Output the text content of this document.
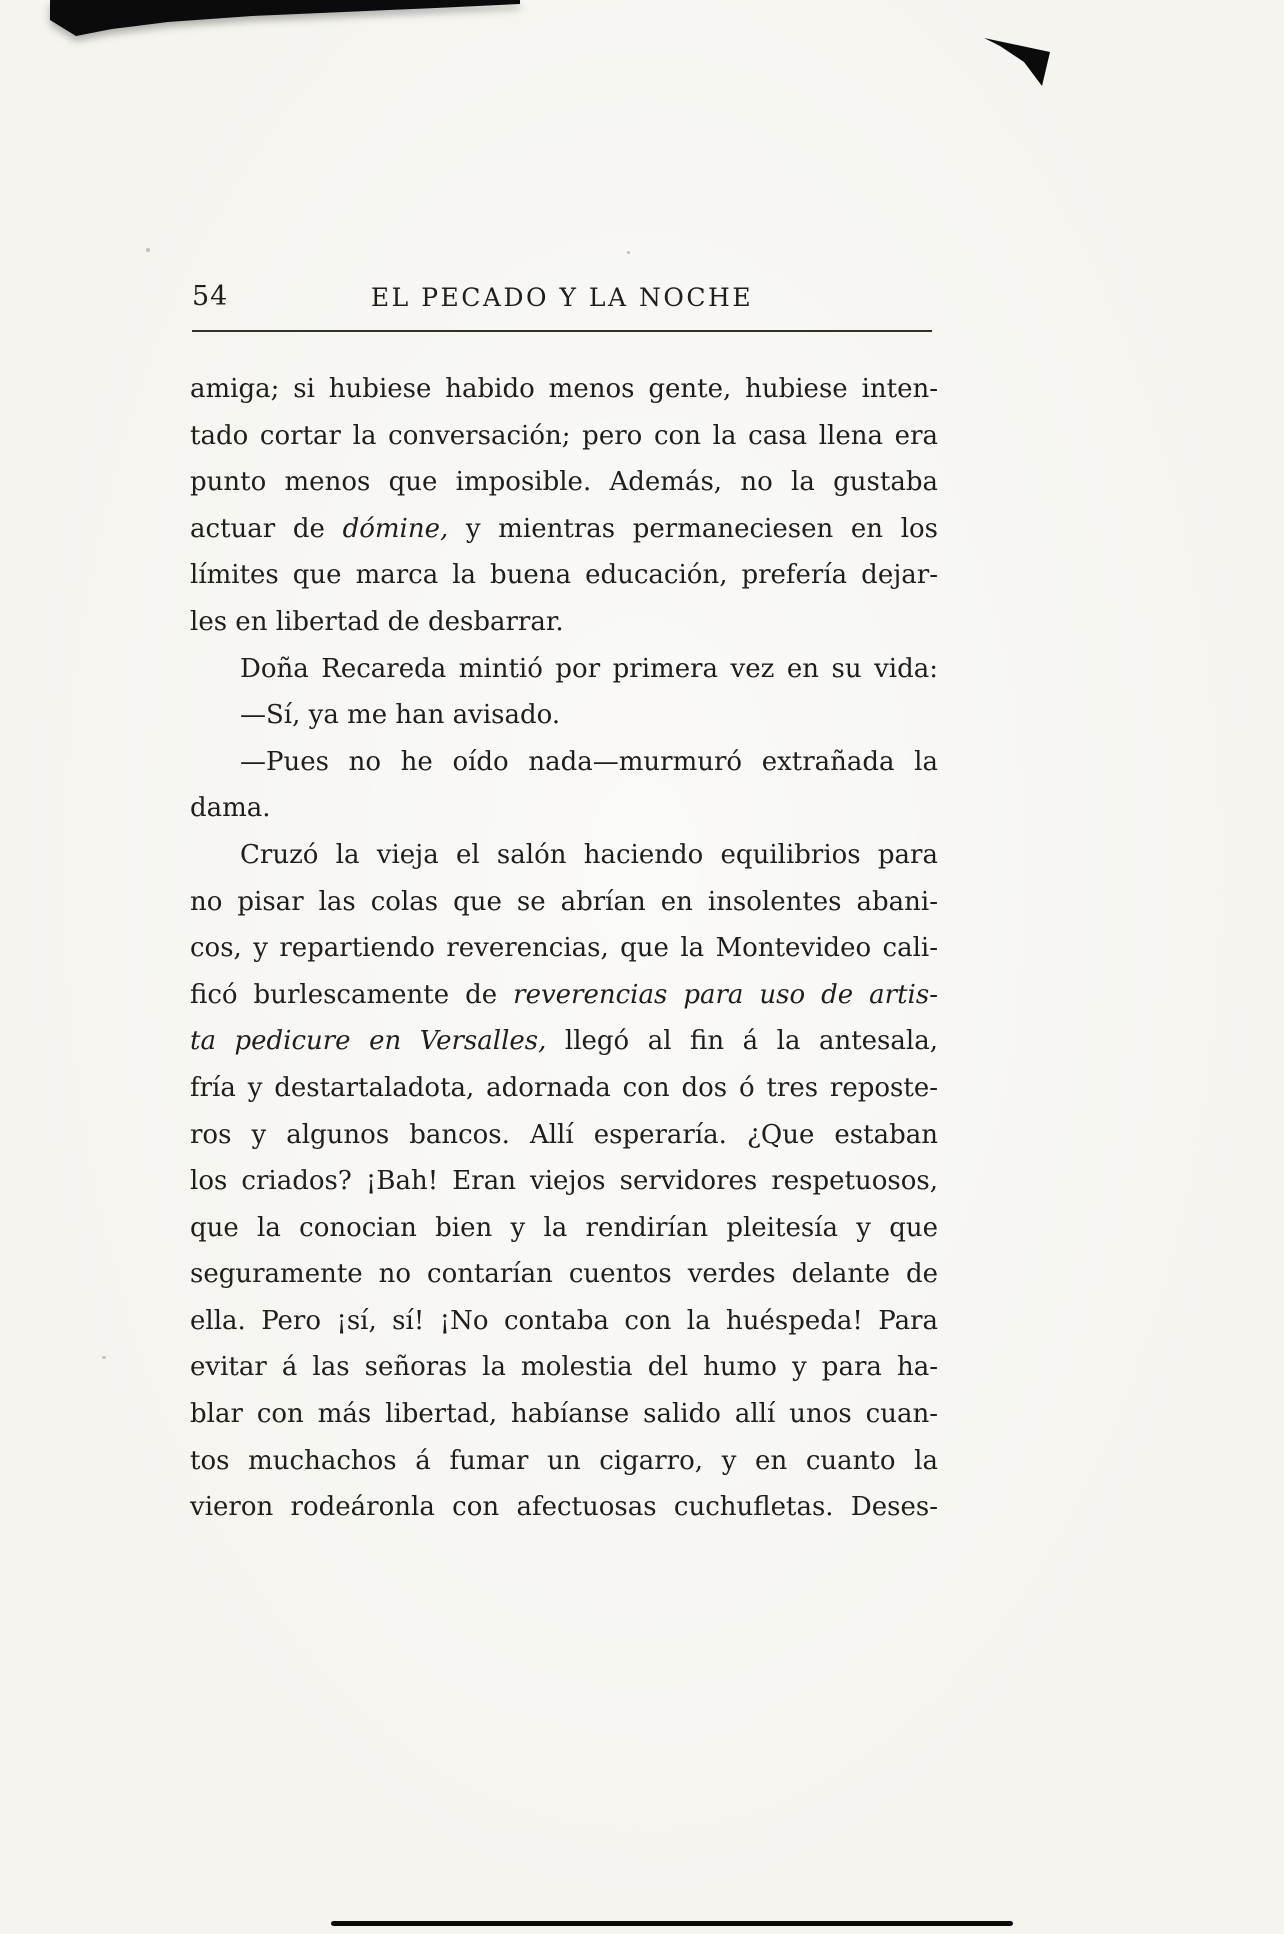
54	EL PECADO Y LA NOCHE
amiga; si hubiese habido menos gente, hubiese inten-
tado cortar la conversación; pero con la casa llena era
punto menos que imposible. Además, no la gustaba
actuar de dómine, y mientras permaneciesen en los
límites que marca la buena educación, prefería dejar-
les en libertad de desbarrar.
Doña Recareda mintió por primera vez en su vida:
—Sí, ya me han avisado.
—Pues no he oído nada—murmuró extrañada la
dama.
Cruzó la vieja el salón haciendo equilibrios para
no pisar las colas que se abrían en insolentes abani-
cos, y repartiendo reverencias, que la Montevideo cali-
ficó burlescamente de reverencias para uso de artis-
ta pedicure en Versalles, llegó al fin á la antesala,
fría y destartaladota, adornada con dos ó tres reposte-
ros y algunos bancos. Allí esperaría. ¿Que estaban
los criados? ¡Bah! Eran viejos servidores respetuosos,
que la conocian bien y la rendirían pleitesía y que
seguramente no contarían cuentos verdes delante de
ella. Pero ¡sí, sí! ¡No contaba con la huéspeda! Para
evitar á las señoras la molestia del humo y para ha-
blar con más libertad, habíanse salido allí unos cuan-
tos muchachos á fumar un cigarro, y en cuanto la
vieron rodeáronla con afectuosas cuchufletas. Deses-
